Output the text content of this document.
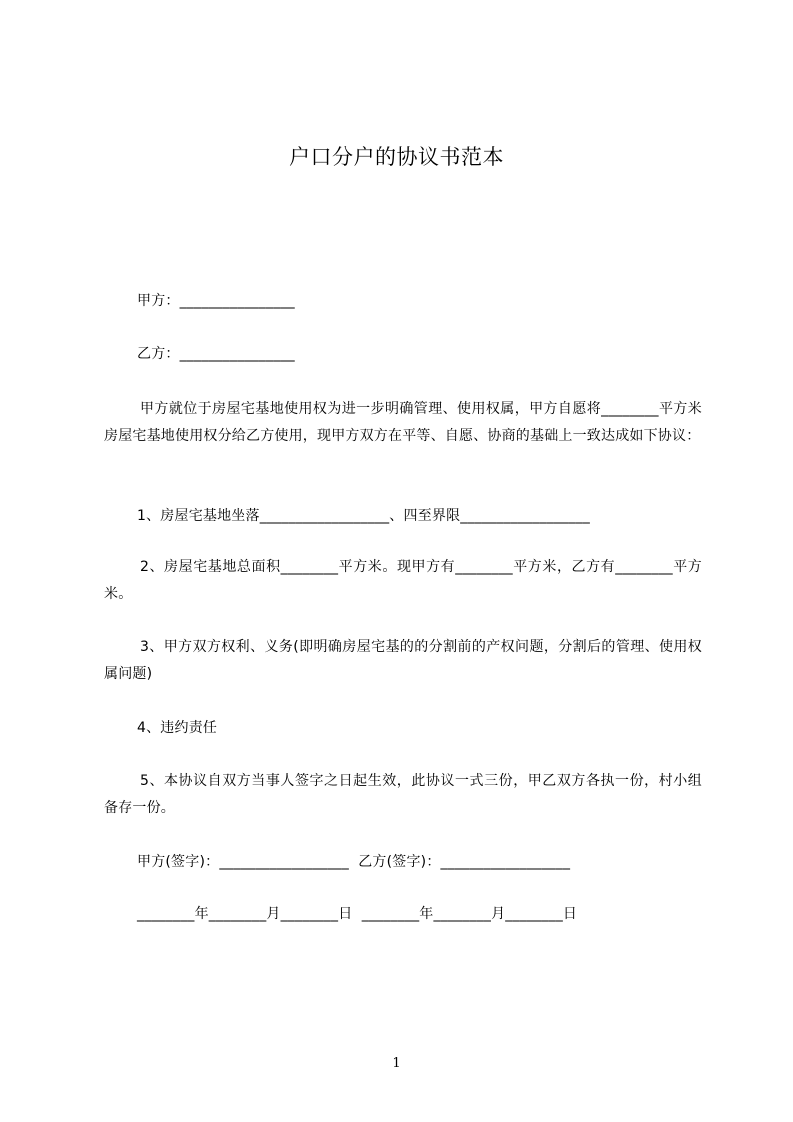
户口分户的协议书范本
甲方：________________
乙方：________________
甲方就位于房屋宅基地使用权为进一步明确管理、使用权属，甲方自愿将________平方米房屋宅基地使用权分给乙方使用，现甲方双方在平等、自愿、协商的基础上一致达成如下协议：
1、房屋宅基地坐落__________________、四至界限__________________
2、房屋宅基地总面积________平方米。现甲方有________平方米，乙方有________平方米。
3、甲方双方权利、义务(即明确房屋宅基的的分割前的产权问题，分割后的管理、使用权属问题)
4、违约责任
5、本协议自双方当事人签字之日起生效，此协议一式三份，甲乙双方各执一份，村小组备存一份。
甲方(签字)：__________________  乙方(签字)：__________________
________年________月________日  ________年________月________日
1
